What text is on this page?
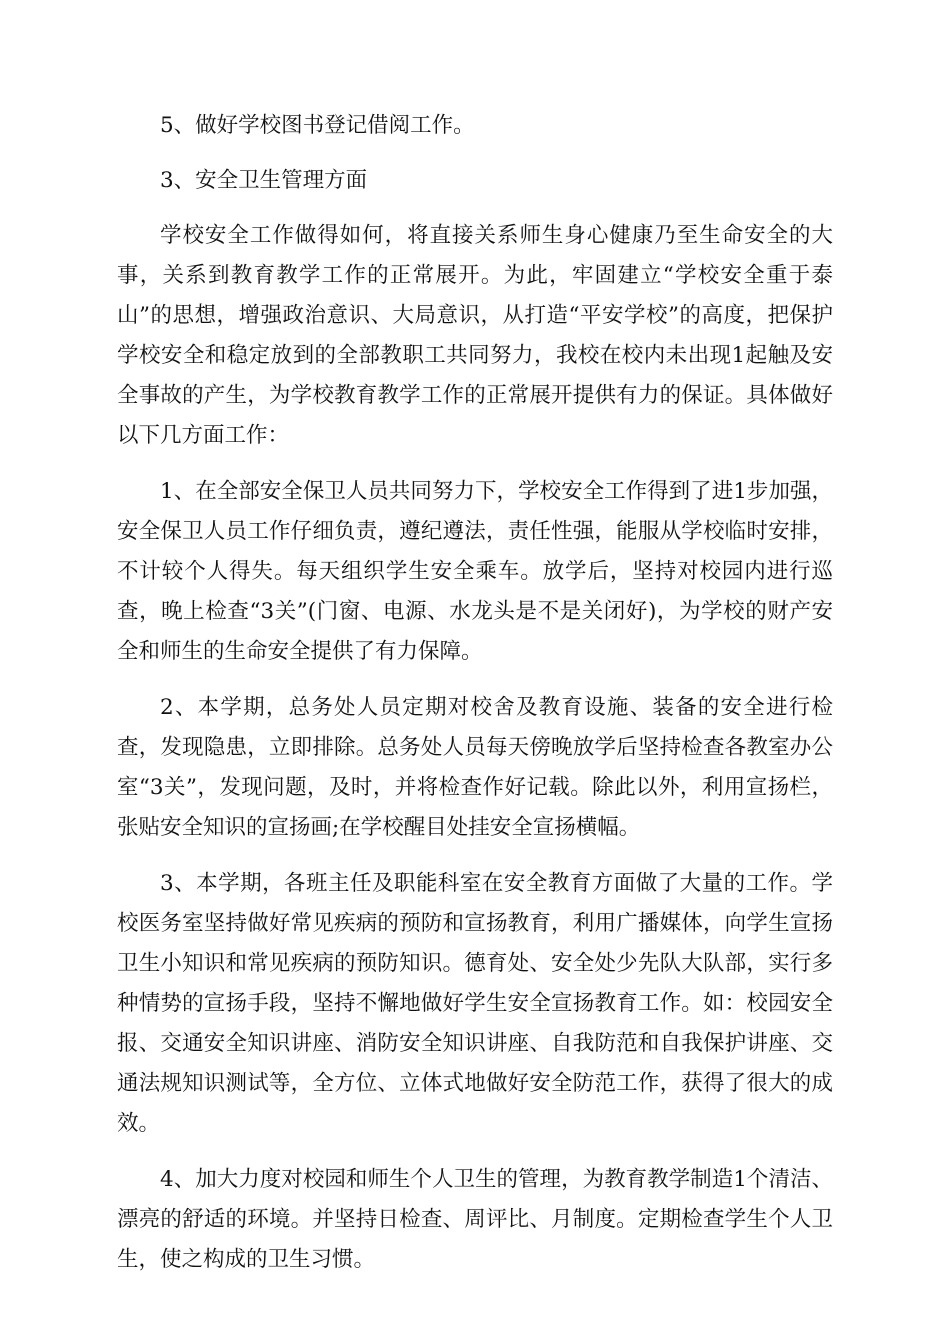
5、做好学校图书登记借阅工作。

3、安全卫生管理方面

学校安全工作做得如何，将直接关系师生身心健康乃至生命安全的大事，关系到教育教学工作的正常展开。为此，牢固建立“学校安全重于泰山”的思想，增强政治意识、大局意识，从打造“平安学校”的高度，把保护学校安全和稳定放到的全部教职工共同努力，我校在校内未出现1起触及安全事故的产生，为学校教育教学工作的正常展开提供有力的保证。具体做好以下几方面工作：

1、在全部安全保卫人员共同努力下，学校安全工作得到了进1步加强，安全保卫人员工作仔细负责，遵纪遵法，责任性强，能服从学校临时安排，不计较个人得失。每天组织学生安全乘车。放学后，坚持对校园内进行巡查，晚上检查“3关”(门窗、电源、水龙头是不是关闭好)，为学校的财产安全和师生的生命安全提供了有力保障。

2、本学期，总务处人员定期对校舍及教育设施、装备的安全进行检查，发现隐患，立即排除。总务处人员每天傍晚放学后坚持检查各教室办公室“3关”，发现问题，及时，并将检查作好记载。除此以外，利用宣扬栏，张贴安全知识的宣扬画;在学校醒目处挂安全宣扬横幅。

3、本学期，各班主任及职能科室在安全教育方面做了大量的工作。学校医务室坚持做好常见疾病的预防和宣扬教育，利用广播媒体，向学生宣扬卫生小知识和常见疾病的预防知识。德育处、安全处少先队大队部，实行多种情势的宣扬手段，坚持不懈地做好学生安全宣扬教育工作。如：校园安全报、交通安全知识讲座、消防安全知识讲座、自我防范和自我保护讲座、交通法规知识测试等，全方位、立体式地做好安全防范工作，获得了很大的成效。

4、加大力度对校园和师生个人卫生的管理，为教育教学制造1个清洁、漂亮的舒适的环境。并坚持日检查、周评比、月制度。定期检查学生个人卫生，使之构成的卫生习惯。
